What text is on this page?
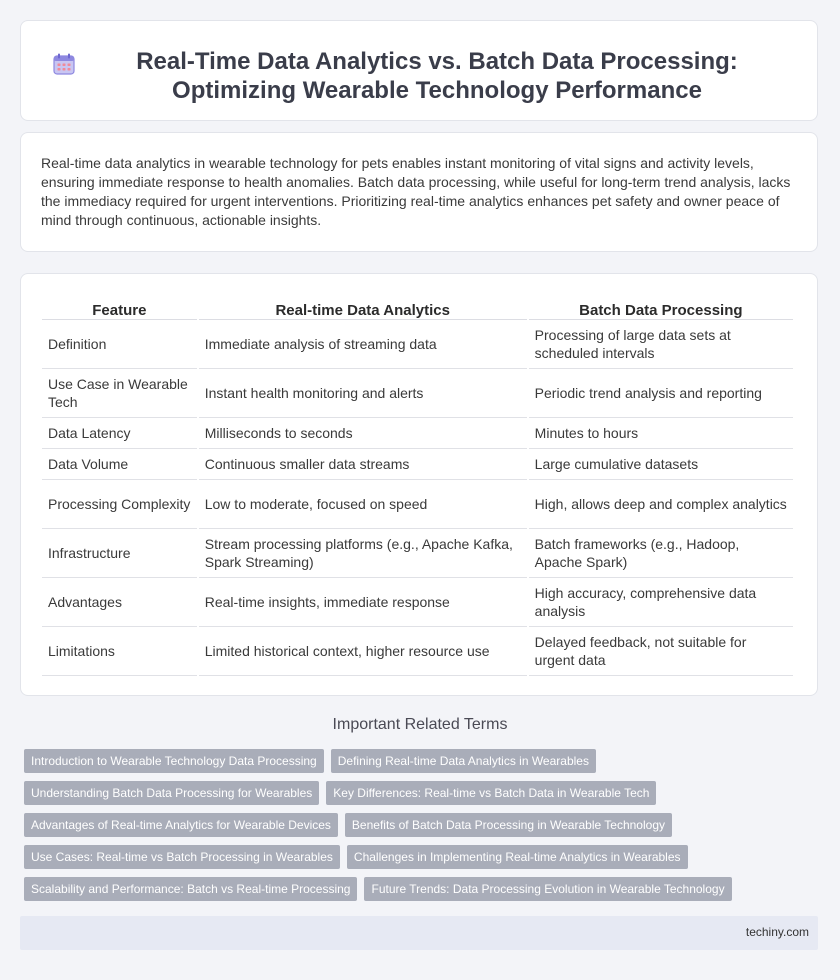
Real-Time Data Analytics vs. Batch Data Processing: Optimizing Wearable Technology Performance

Real-time data analytics in wearable technology for pets enables instant monitoring of vital signs and activity levels, ensuring immediate response to health anomalies. Batch data processing, while useful for long-term trend analysis, lacks the immediacy required for urgent interventions. Prioritizing real-time analytics enhances pet safety and owner peace of mind through continuous, actionable insights.

Feature	Real-time Data Analytics	Batch Data Processing
Definition	Immediate analysis of streaming data	Processing of large data sets at scheduled intervals
Use Case in Wearable Tech	Instant health monitoring and alerts	Periodic trend analysis and reporting
Data Latency	Milliseconds to seconds	Minutes to hours
Data Volume	Continuous smaller data streams	Large cumulative datasets
Processing Complexity	Low to moderate, focused on speed	High, allows deep and complex analytics
Infrastructure	Stream processing platforms (e.g., Apache Kafka, Spark Streaming)	Batch frameworks (e.g., Hadoop, Apache Spark)
Advantages	Real-time insights, immediate response	High accuracy, comprehensive data analysis
Limitations	Limited historical context, higher resource use	Delayed feedback, not suitable for urgent data
Important Related Terms
Introduction to Wearable Technology Data Processing	Defining Real-time Data Analytics in Wearables
Understanding Batch Data Processing for Wearables	Key Differences: Real-time vs Batch Data in Wearable Tech
Advantages of Real-time Analytics for Wearable Devices	Benefits of Batch Data Processing in Wearable Technology
Use Cases: Real-time vs Batch Processing in Wearables	Challenges in Implementing Real-time Analytics in Wearables
Scalability and Performance: Batch vs Real-time Processing	Future Trends: Data Processing Evolution in Wearable Technology
techiny.com
